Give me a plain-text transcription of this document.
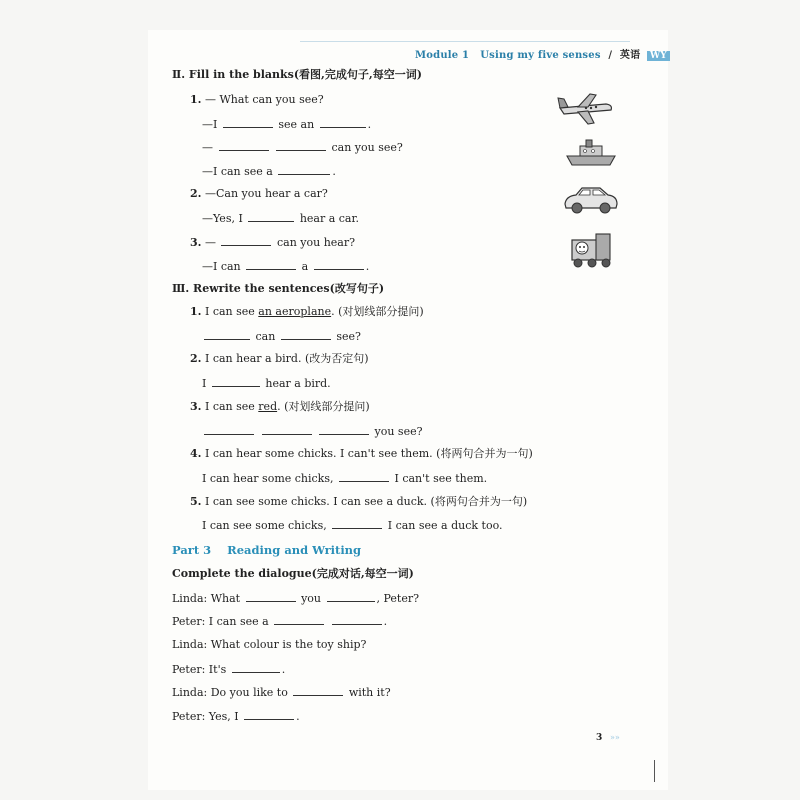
Module 1 Using my five senses / 英语 WY
Ⅱ. Fill in the blanks(看图,完成句子,每空一词)
1. — What can you see?
—I	see an	.
—	can you see?
—I can see a	.
2. —Can you hear a car?
—Yes, I	hear a car.
3. —	can you hear?
—I can	a	.
Ⅲ. Rewrite the sentences(改写句子)
1. I can see an aeroplane. (对划线部分提问)
can	see?
2. I can hear a bird. (改为否定句)
I	hear a bird.
3. I can see red. (对划线部分提问)
you see?
4. I can hear some chicks. I can't see them. (将两句合并为一句)
I can hear some chicks,	I can't see them.
5. I can see some chicks. I can see a duck. (将两句合并为一句)
I can see some chicks,	I can see a duck too.
Part 3    Reading and Writing
Complete the dialogue(完成对话,每空一词)
Linda: What	you	, Peter?
Peter: I can see a	.
Linda: What colour is the toy ship?
Peter: It's	.
Linda: Do you like to	with it?
Peter: Yes, I	.
3 »»
